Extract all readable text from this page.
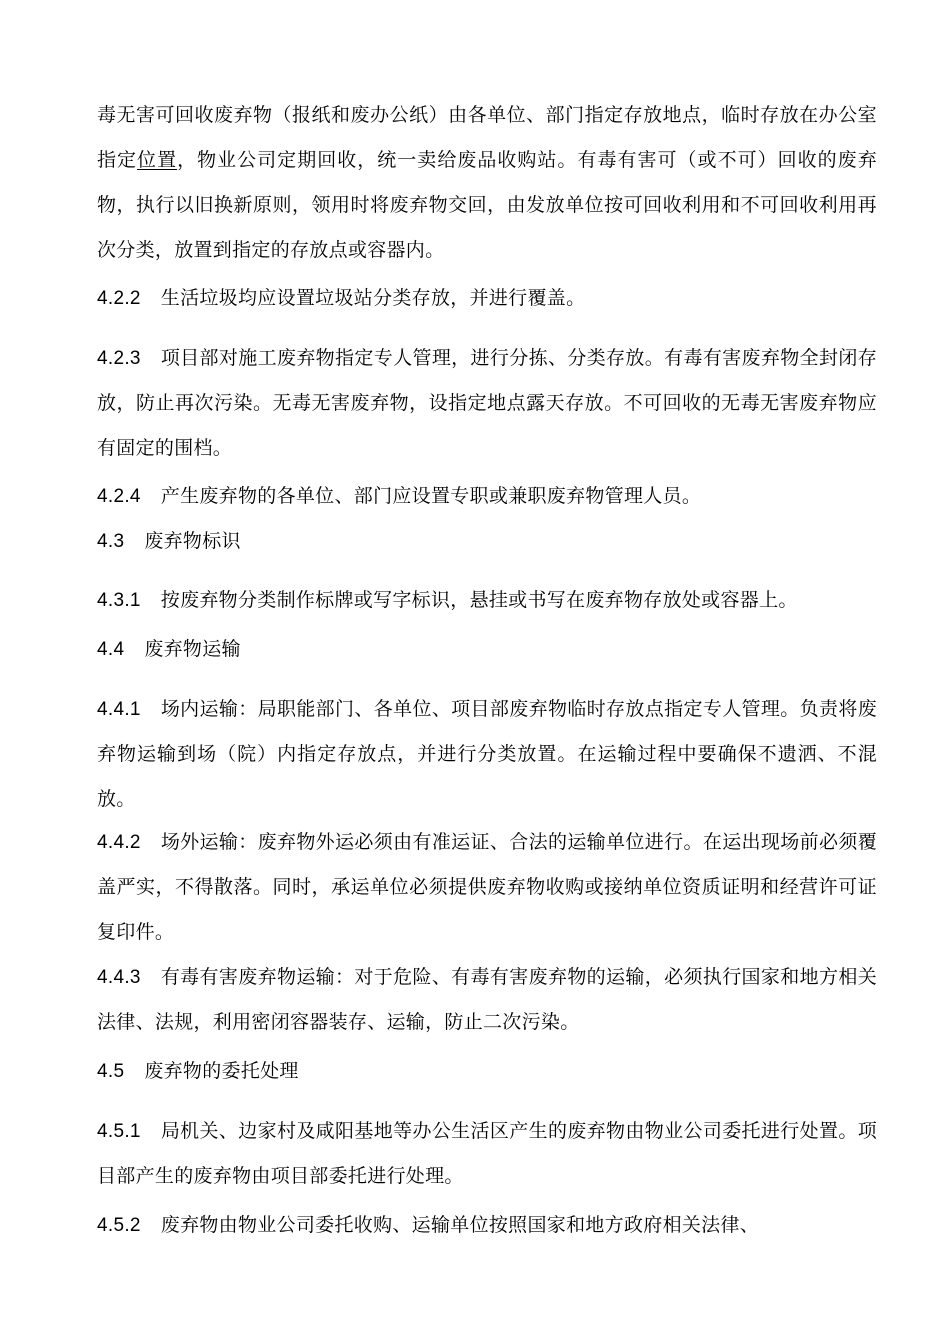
毒无害可回收废弃物（报纸和废办公纸）由各单位、部门指定存放地点，临时存放在办公室指定位置，物业公司定期回收，统一卖给废品收购站。有毒有害可（或不可）回收的废弃物，执行以旧换新原则，领用时将废弃物交回，由发放单位按可回收利用和不可回收利用再次分类，放置到指定的存放点或容器内。

4.2.2 生活垃圾均应设置垃圾站分类存放，并进行覆盖。

4.2.3 项目部对施工废弃物指定专人管理，进行分拣、分类存放。有毒有害废弃物全封闭存放，防止再次污染。无毒无害废弃物，设指定地点露天存放。不可回收的无毒无害废弃物应有固定的围档。

4.2.4 产生废弃物的各单位、部门应设置专职或兼职废弃物管理人员。

4.3 废弃物标识

4.3.1 按废弃物分类制作标牌或写字标识，悬挂或书写在废弃物存放处或容器上。

4.4 废弃物运输

4.4.1 场内运输：局职能部门、各单位、项目部废弃物临时存放点指定专人管理。负责将废弃物运输到场（院）内指定存放点，并进行分类放置。在运输过程中要确保不遗洒、不混放。

4.4.2 场外运输：废弃物外运必须由有准运证、合法的运输单位进行。在运出现场前必须覆盖严实，不得散落。同时，承运单位必须提供废弃物收购或接纳单位资质证明和经营许可证复印件。

4.4.3 有毒有害废弃物运输：对于危险、有毒有害废弃物的运输，必须执行国家和地方相关法律、法规，利用密闭容器装存、运输，防止二次污染。

4.5 废弃物的委托处理

4.5.1 局机关、边家村及咸阳基地等办公生活区产生的废弃物由物业公司委托进行处置。项目部产生的废弃物由项目部委托进行处理。

4.5.2 废弃物由物业公司委托收购、运输单位按照国家和地方政府相关法律、
